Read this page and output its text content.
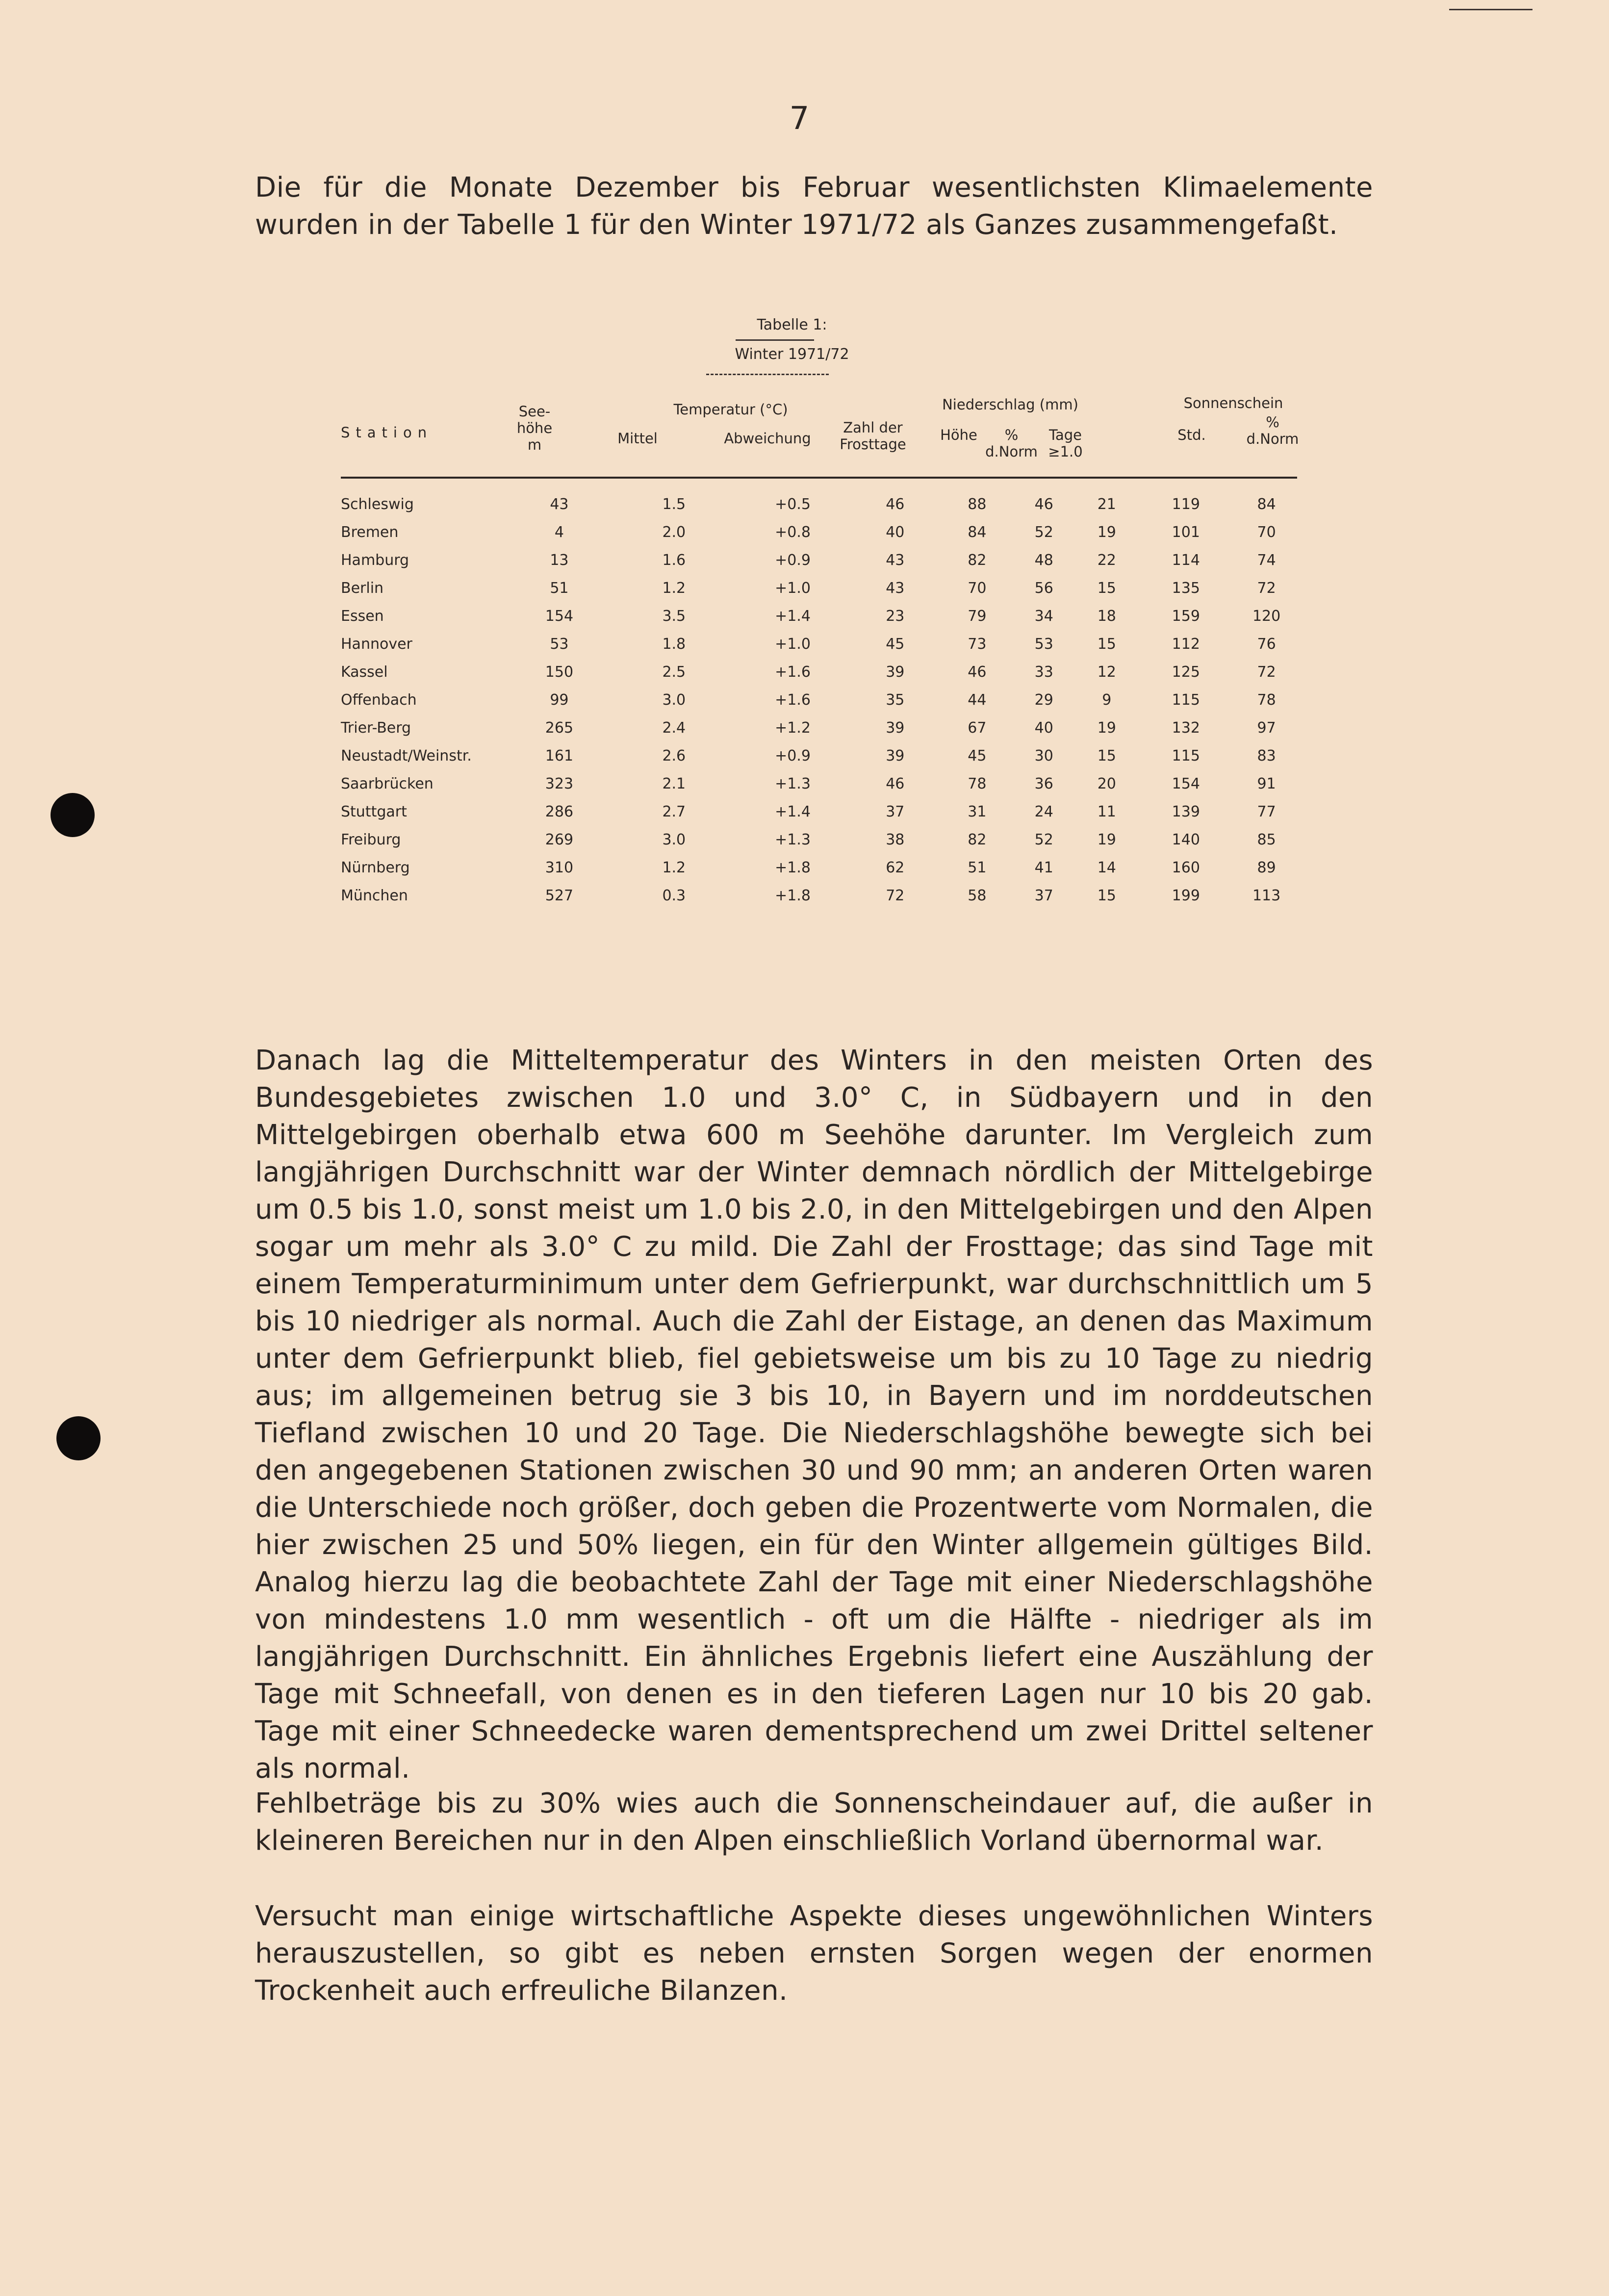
7

Die für die Monate Dezember bis Februar wesentlichsten Klimaelemente wurden in der Tabelle 1 für den Winter 1971/72 als Ganzes zusammengefaßt.

Tabelle 1:
Winter 1971/72
Station
See-
höhe
m
Temperatur (°C)
Mittel	Abweichung
Zahl der
Frosttage
Niederschlag (mm)
Höhe	%
d.Norm
Tage
≥1.0
Sonnenschein
Std.
%
d.Norm
Schleswig	43	1.5	+0.5	46	88	46	21	119	84
Bremen	4	2.0	+0.8	40	84	52	19	101	70
Hamburg	13	1.6	+0.9	43	82	48	22	114	74
Berlin	51	1.2	+1.0	43	70	56	15	135	72
Essen	154	3.5	+1.4	23	79	34	18	159	120
Hannover	53	1.8	+1.0	45	73	53	15	112	76
Kassel	150	2.5	+1.6	39	46	33	12	125	72
Offenbach	99	3.0	+1.6	35	44	29	9	115	78
Trier-Berg	265	2.4	+1.2	39	67	40	19	132	97
Neustadt/Weinstr.	161	2.6	+0.9	39	45	30	15	115	83
Saarbrücken	323	2.1	+1.3	46	78	36	20	154	91
Stuttgart	286	2.7	+1.4	37	31	24	11	139	77
Freiburg	269	3.0	+1.3	38	82	52	19	140	85
Nürnberg	310	1.2	+1.8	62	51	41	14	160	89
München	527	0.3	+1.8	72	58	37	15	199	113

Danach lag die Mitteltemperatur des Winters in den meisten Orten des Bundesgebietes zwischen 1.0 und 3.0° C, in Südbayern und in den Mittelgebirgen oberhalb etwa 600 m Seehöhe darunter. Im Vergleich zum langjährigen Durchschnitt war der Winter demnach nördlich der Mittelgebirge um 0.5 bis 1.0, sonst meist um 1.0 bis 2.0, in den Mittelgebirgen und den Alpen sogar um mehr als 3.0° C zu mild. Die Zahl der Frosttage; das sind Tage mit einem Temperaturminimum unter dem Gefrierpunkt, war durchschnittlich um 5 bis 10 niedriger als normal. Auch die Zahl der Eistage, an denen das Maximum unter dem Gefrierpunkt blieb, fiel gebietsweise um bis zu 10 Tage zu niedrig aus; im allgemeinen betrug sie 3 bis 10, in Bayern und im norddeutschen Tiefland zwischen 10 und 20 Tage. Die Niederschlagshöhe bewegte sich bei den angegebenen Stationen zwischen 30 und 90 mm; an anderen Orten waren die Unterschiede noch größer, doch geben die Prozentwerte vom Normalen, die hier zwischen 25 und 50% liegen, ein für den Winter allgemein gültiges Bild. Analog hierzu lag die beobachtete Zahl der Tage mit einer Niederschlagshöhe von mindestens 1.0 mm wesentlich - oft um die Hälfte - niedriger als im langjährigen Durchschnitt. Ein ähnliches Ergebnis liefert eine Auszählung der Tage mit Schneefall, von denen es in den tieferen Lagen nur 10 bis 20 gab. Tage mit einer Schneedecke waren dementsprechend um zwei Drittel seltener als normal.

Fehlbeträge bis zu 30% wies auch die Sonnenscheindauer auf, die außer in kleineren Bereichen nur in den Alpen einschließlich Vorland übernormal war.

Versucht man einige wirtschaftliche Aspekte dieses ungewöhnlichen Winters herauszustellen, so gibt es neben ernsten Sorgen wegen der enormen Trockenheit auch erfreuliche Bilanzen.
